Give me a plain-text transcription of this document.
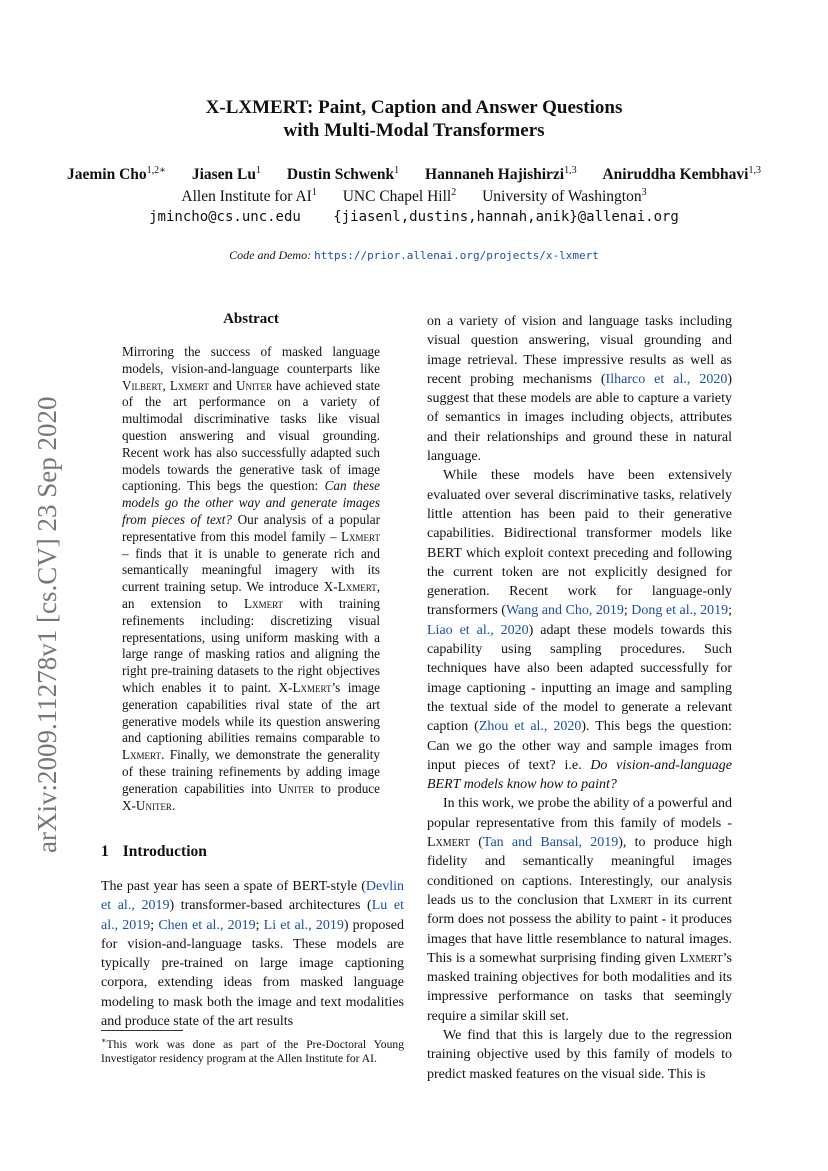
X-LXMERT: Paint, Caption and Answer Questions
with Multi-Modal Transformers
Jaemin Cho$^{1,2∗}$ Jiasen Lu$^1$ Dustin Schwenk$^1$ Hannaneh Hajishirzi$^{1,3}$ Aniruddha Kembhavi$^{1,3}$
Allen Institute for $AI^1$ UNC Chapel Hill$^2$ University of Washington$^3$
jmincho@cs.unc.edu {jiasenl,dustins,hannah,anik}@allenai.org
Code and Demo: https://prior.allenai.org/projects/x-lxmert
arXiv:2009.11278v1 [cs.CV] 23 Sep 2020
Abstract
Mirroring the success of masked language models, vision-and-language counterparts like Vilbert, Lxmert and Uniter have achieved state of the art performance on a variety of multimodal discriminative tasks like visual question answering and visual grounding. Recent work has also successfully adapted such models towards the generative task of image captioning. This begs the question: Can these models go the other way and generate images from pieces of text? Our analysis of a popular representative from this model family – Lxmert – finds that it is unable to generate rich and semantically meaningful imagery with its current training setup. We introduce X-Lxmert, an extension to Lxmert with training refinements including: discretizing visual representations, using uniform masking with a large range of masking ratios and aligning the right pre-training datasets to the right objectives which enables it to paint. X-Lxmert’s image generation capabilities rival state of the art generative models while its question answering and captioning abilities remains comparable to Lxmert. Finally, we demonstrate the generality of these training refinements by adding image generation capabilities into Uniter to produce X-Uniter.
1 Introduction

The past year has seen a spate of BERT-style (Devlin et al., 2019) transformer-based architectures (Lu et al., 2019; Chen et al., 2019; Li et al., 2019) proposed for vision-and-language tasks. These models are typically pre-trained on large image captioning corpora, extending ideas from masked language modeling to mask both the image and text modalities and produce state of the art results

∗This work was done as part of the Pre-Doctoral Young Investigator residency program at the Allen Institute for AI.

on a variety of vision and language tasks including visual question answering, visual grounding and image retrieval. These impressive results as well as recent probing mechanisms (Ilharco et al., 2020) suggest that these models are able to capture a variety of semantics in images including objects, attributes and their relationships and ground these in natural language.

While these models have been extensively evaluated over several discriminative tasks, relatively little attention has been paid to their generative capabilities. Bidirectional transformer models like BERT which exploit context preceding and following the current token are not explicitly designed for generation. Recent work for language-only transformers (Wang and Cho, 2019; Dong et al., 2019; Liao et al., 2020) adapt these models towards this capability using sampling procedures. Such techniques have also been adapted successfully for image captioning - inputting an image and sampling the textual side of the model to generate a relevant caption (Zhou et al., 2020). This begs the question: Can we go the other way and sample images from input pieces of text? i.e. Do vision-and-language BERT models know how to paint?

In this work, we probe the ability of a powerful and popular representative from this family of models - Lxmert (Tan and Bansal, 2019), to produce high fidelity and semantically meaningful images conditioned on captions. Interestingly, our analysis leads us to the conclusion that Lxmert in its current form does not possess the ability to paint - it produces images that have little resemblance to natural images. This is a somewhat surprising finding given Lxmert’s masked training objectives for both modalities and its impressive performance on tasks that seemingly require a similar skill set.

We find that this is largely due to the regression training objective used by this family of models to predict masked features on the visual side. This is
